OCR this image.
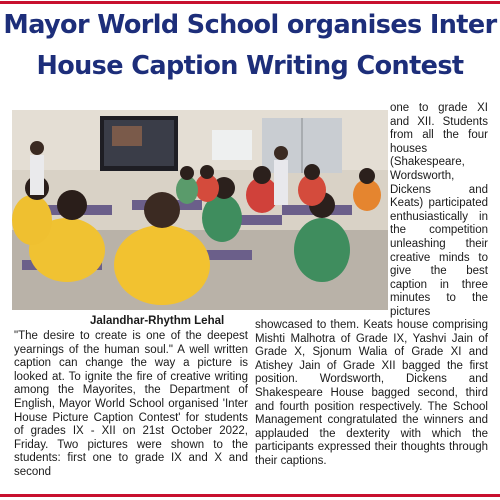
Mayor World School organises Inter
House Caption Writing Contest
Jalandhar-Rhythm Lehal

"The desire to create is one of the deepest yearnings of the human soul." A well written caption can change the way a picture is looked at. To ignite the fire of creative writing among the Mayorites, the Department of English, Mayor World School organised 'Inter House Picture Caption Contest' for students of grades IX - XII on 21st October 2022, Friday. Two pictures were shown to the students: first one to grade IX and X and second

one to grade XI and XII. Students from all the four houses (Shakespeare, Wordsworth, Dickens and Keats) participated enthusiastically in the competition unleashing their creative minds to give the best caption in three minutes to the pictures

showcased to them. Keats house comprising Mishti Malhotra of Grade IX, Yashvi Jain of Grade X, Sjonum Walia of Grade XI and Atishey Jain of Grade XII bagged the first position. Wordsworth, Dickens and Shakespeare House bagged second, third and fourth position respectively. The School Management congratulated the winners and applauded the dexterity with which the participants expressed their thoughts through their captions.
